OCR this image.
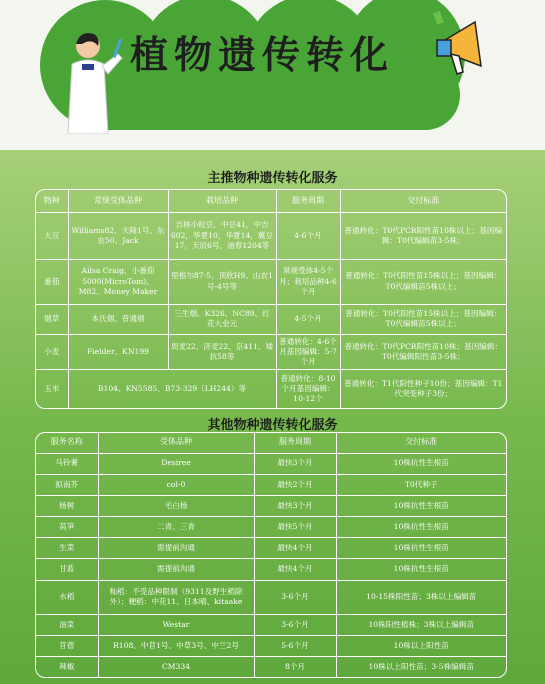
植物遗传转化
主推物种遗传转化服务
物种	常规受体品种	栽培品种	服务周期	交付标准
大豆	Williams82、天隆1号、东农50、Jack	吉林小粒豆，中豆41，中吉602，华夏10，华夏14，冀豆17，天辰6号，油春1204等	4-6个月	普通转化：T0代PCR阳性苗10株以上；基因编辑：T0代编辑苗3-5株；
番茄	Ailsa Craig、小番茄5000(MicroTom)、M82、Money Maker	里格尔87-5、顶欣H9、山农1号-4号等	常规受体4-5个月；栽培品种4-6个月	普通转化：T0代阳性苗15株以上；基因编辑：T0代编辑苗5株以上；
烟草	本氏烟、普通烟	三生烟、K326、NC89、红花大金元	4-5个月	普通转化：T0代阳性苗15株以上；基因编辑：T0代编辑苗5株以上；
小麦	Fielder、KN199	周麦22、济麦22、京411、矮抗58等	普通转化：4-6个月基因编辑：5-7个月	普通转化：T0代PCR阳性苗10株；基因编辑：T0代编辑阳性苗3-5株；
玉米	B104、KN5585、B73-329（LH244）等		普通转化：8-10个月基因编辑：10-12个	普通转化：T1代阳性种子10份；基因编辑：T1代突变种子3份；
其他物种遗传转化服务
服务名称	受体品种	服务周期	交付标准
马铃薯	Desiree	最快3个月	10株抗性生根苗
拟南芥	col-0	最快2个月	T0代种子
杨树	毛白杨	最快3个月	10株抗性生根苗
莴笋	二青、三青	最快5个月	10株抗性生根苗
生菜	需提前沟通	最快4个月	10株抗性生根苗
甘蓝	需提前沟通	最快4个月	10株抗性生根苗
水稻	籼稻：不受品种限制（9311及野生稻除外）；粳稻：中花11、日本晴、kitaake	3-6个月	10-15株阳性苗；3株以上编辑苗
油菜	Westar	3-6个月	10株阳性植株；3株以上编辑苗
苜蓿	R108、中苜1号、中草3号、中兰2号	5-6个月	10株以上阳性苗
辣椒	CM334	8个月	10株以上阳性苗；3-5株编辑苗
